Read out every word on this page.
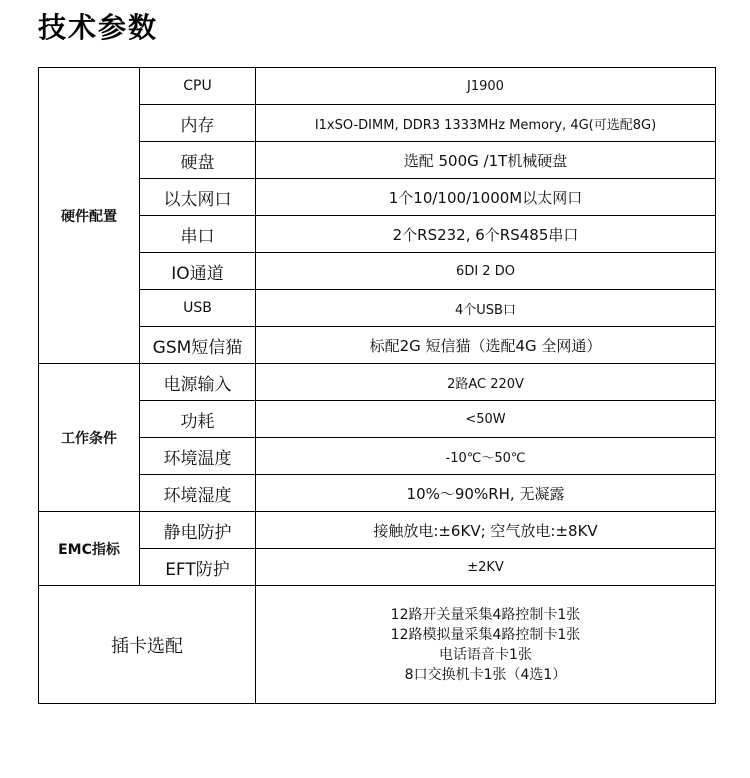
技术参数
硬件配置	CPU	J1900
	内存	I1xSO-DIMM, DDR3 1333MHz Memory, 4G(可选配8G)
	硬盘	选配 500G /1T机械硬盘
	以太网口	1个10/100/1000M以太网口
	串口	2个RS232, 6个RS485串口
	IO通道	6DI 2 DO
	USB	4个USB口
	GSM短信猫	标配2G 短信猫（选配4G 全网通）
工作条件	电源输入	2路AC 220V
	功耗	<50W
	环境温度	-10℃～50℃
	环境湿度	10%～90%RH, 无凝露
EMC指标	静电防护	接触放电:±6KV; 空气放电:±8KV
	EFT防护	±2KV
插卡选配		12路开关量采集4路控制卡1张
12路模拟量采集4路控制卡1张
电话语音卡1张
8口交换机卡1张（4选1）
